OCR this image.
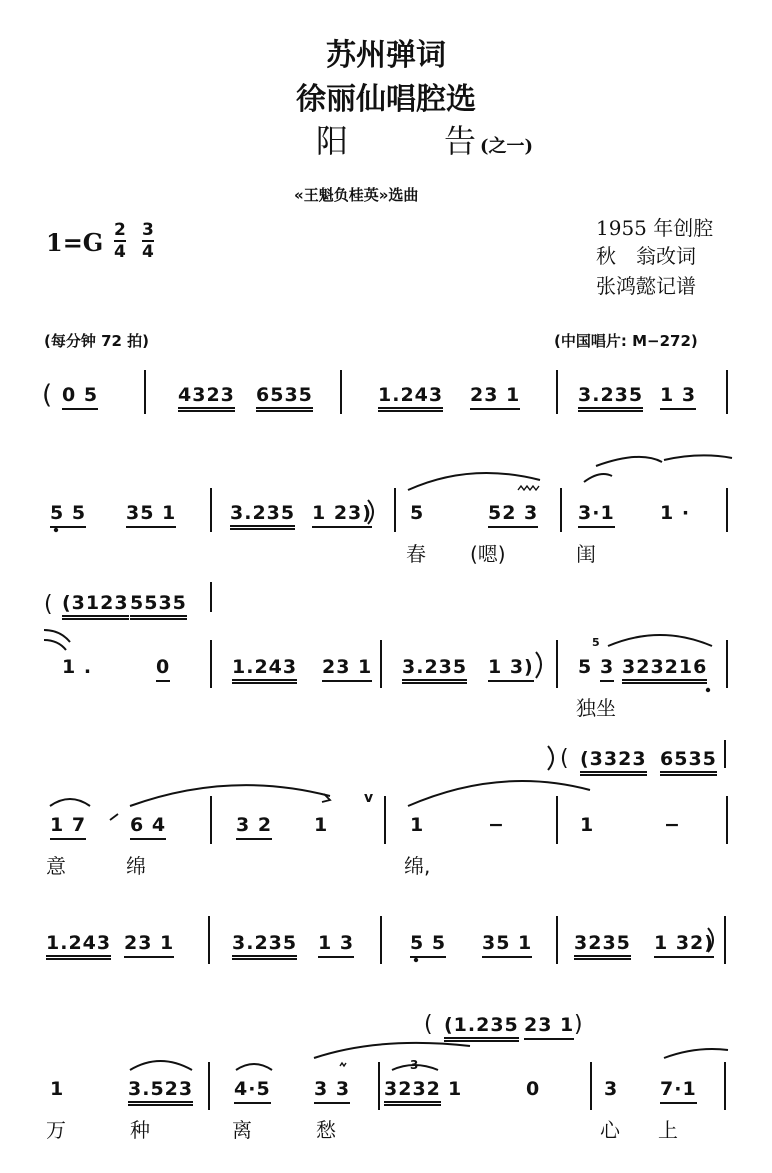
苏州弹词
徐丽仙唱腔选
阳　　　告 (之一)
«王魁负桂英»选曲
$1=G \frac{2}{4} \frac{3}{4}$	1955 年创腔
秋　翁改词
张鸿懿记谱
(每分钟 72 拍)	(中国唱片: M−272)
( 0 5	4323 6535	1.243 23 1	3.235 1 3
5 5 35 1	3.235 1 23) 5	52 3 3·1 1 ·
春 (嗯)	闺
( (3123 5535
1 .	0	1.243 23 1 3.235 1 3) 5
5
3 323216
独坐
( (3323 6535
1 7 6 4	3 2 1
v
1	−	1	−
意	绵	绵,
1.243 23 1	3.235 1 3	5 5 35 1 3235 1 32)
( (1.235 23 1 )
1	3.523 4·5 3 3
3
3232 1	0	3 7·1
万	种	离	愁	心 上
